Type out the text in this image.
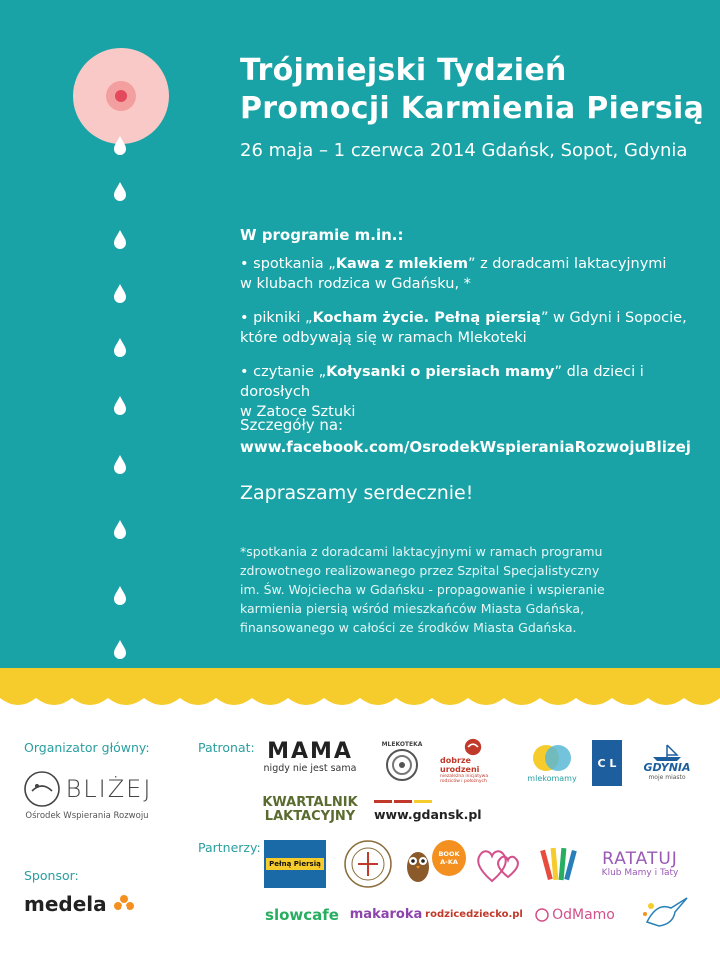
Trójmiejski Tydzień
Promocji Karmienia Piersią
26 maja – 1 czerwca 2014 Gdańsk, Sopot, Gdynia
W programie m.in.:
• spotkania „Kawa z mlekiem” z doradcami laktacyjnymi
w klubach rodzica w Gdańsku, *
• pikniki „Kocham życie. Pełną piersią” w Gdyni i Sopocie,
które odbywają się w ramach Mlekoteki
• czytanie „Kołysanki o piersiach mamy” dla dzieci i dorosłych
w Zatoce Sztuki
Szczegóły na:
www.facebook.com/OsrodekWspieraniaRozwojuBlizej
Zapraszamy serdecznie!
*spotkania z doradcami laktacyjnymi w ramach programu
zdrowotnego realizowanego przez Szpital Specjalistyczny
im. Św. Wojciecha w Gdańsku - propagowanie i wspieranie
karmienia piersią wśród mieszkańców Miasta Gdańska,
finansowanego w całości ze środków Miasta Gdańska.
Organizator główny:
BLIŻEJ
Ośrodek Wspierania Rozwoju
Sponsor:
medela
Patronat:
Partnerzy:
MAMA
nigdy nie jest sama
MLEKOTEKA
dobrze urodzeni
niezależna inicjatywa rodziców i położnych	mlekomamy
C L GDYNIA
moje miasto
KWARTALNIK
LAKTACYJNY www.gdansk.pl
Pełną Piersią
BOOK A-KA	RATATUJ
Klub Mamy i Taty
slowcafe makaroka rodzicedziecko.pl OdMamo
